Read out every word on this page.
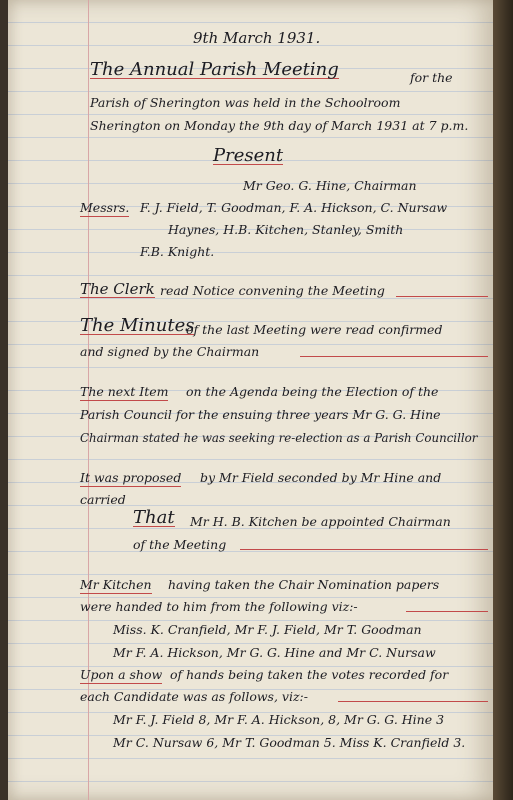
9th March 1931.
The Annual Parish Meeting	for the
Parish of Sherington was held in the Schoolroom
Sherington on Monday the 9th day of March 1931 at 7 p.m.
Present
Mr Geo. G. Hine, Chairman
Messrs. F. J. Field, T. Goodman, F. A. Hickson, C. Nursaw
Haynes, H.B. Kitchen, Stanley, Smith
F.B. Knight.
The Clerk read Notice convening the Meeting
The Minutes
of the last Meeting were read confirmed
and signed by the Chairman
The next Item on the Agenda being the Election of the
Parish Council for the ensuing three years Mr G. G. Hine
Chairman stated he was seeking re-election as a Parish Councillor
It was proposed by Mr Field seconded by Mr Hine and
carried
That Mr H. B. Kitchen be appointed Chairman
of the Meeting
Mr Kitchen having taken the Chair Nomination papers
were handed to him from the following viz:-
Miss. K. Cranfield, Mr F. J. Field, Mr T. Goodman
Mr F. A. Hickson, Mr G. G. Hine and Mr C. Nursaw
Upon a show of hands being taken the votes recorded for
each Candidate was as follows, viz:-
Mr F. J. Field 8, Mr F. A. Hickson, 8, Mr G. G. Hine 3
Mr C. Nursaw 6, Mr T. Goodman 5. Miss K. Cranfield 3.
